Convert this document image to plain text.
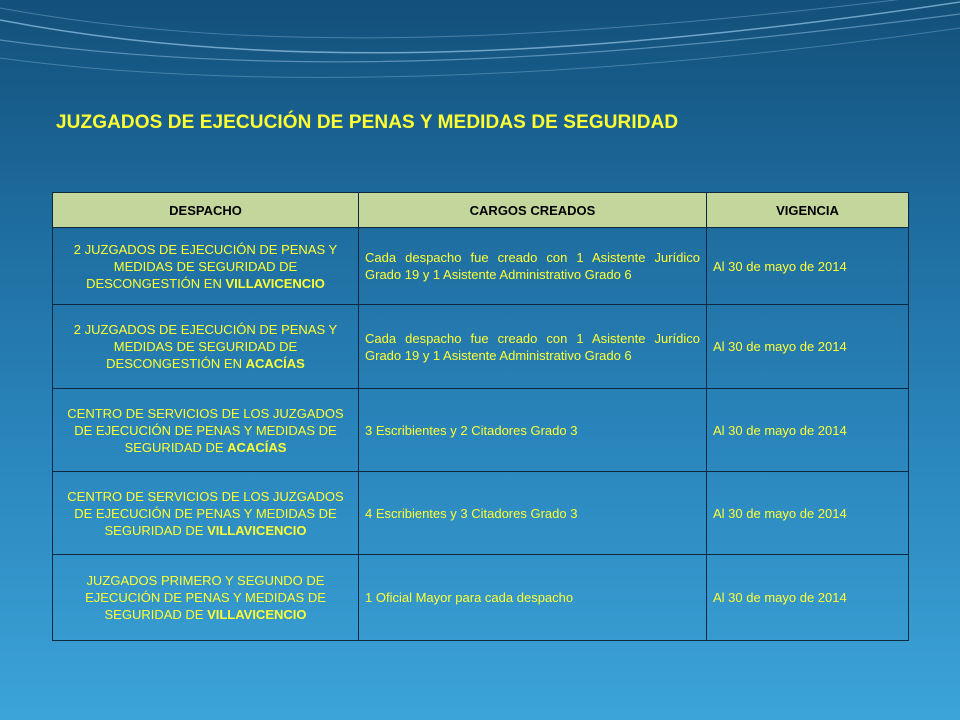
JUZGADOS DE EJECUCIÓN DE PENAS Y MEDIDAS DE SEGURIDAD
DESPACHO	CARGOS CREADOS	VIGENCIA
2 JUZGADOS DE EJECUCIÓN DE PENAS Y MEDIDAS DE SEGURIDAD DE DESCONGESTIÓN EN VILLAVICENCIO	Cada despacho fue creado con 1 Asistente Jurídico Grado 19 y 1 Asistente Administrativo Grado 6	Al 30 de mayo de 2014
2 JUZGADOS DE EJECUCIÓN DE PENAS Y MEDIDAS DE SEGURIDAD DE DESCONGESTIÓN EN ACACÍAS	Cada despacho fue creado con 1 Asistente Jurídico Grado 19 y 1 Asistente Administrativo Grado 6	Al 30 de mayo de 2014
CENTRO DE SERVICIOS DE LOS JUZGADOS DE EJECUCIÓN DE PENAS Y MEDIDAS DE SEGURIDAD DE ACACÍAS	3 Escribientes y 2 Citadores Grado 3	Al 30 de mayo de 2014
CENTRO DE SERVICIOS DE LOS JUZGADOS DE EJECUCIÓN DE PENAS Y MEDIDAS DE SEGURIDAD DE VILLAVICENCIO	4 Escribientes y 3 Citadores Grado 3	Al 30 de mayo de 2014
JUZGADOS PRIMERO Y SEGUNDO DE EJECUCIÓN DE PENAS Y MEDIDAS DE SEGURIDAD DE VILLAVICENCIO	1 Oficial Mayor para cada despacho	Al 30 de mayo de 2014
